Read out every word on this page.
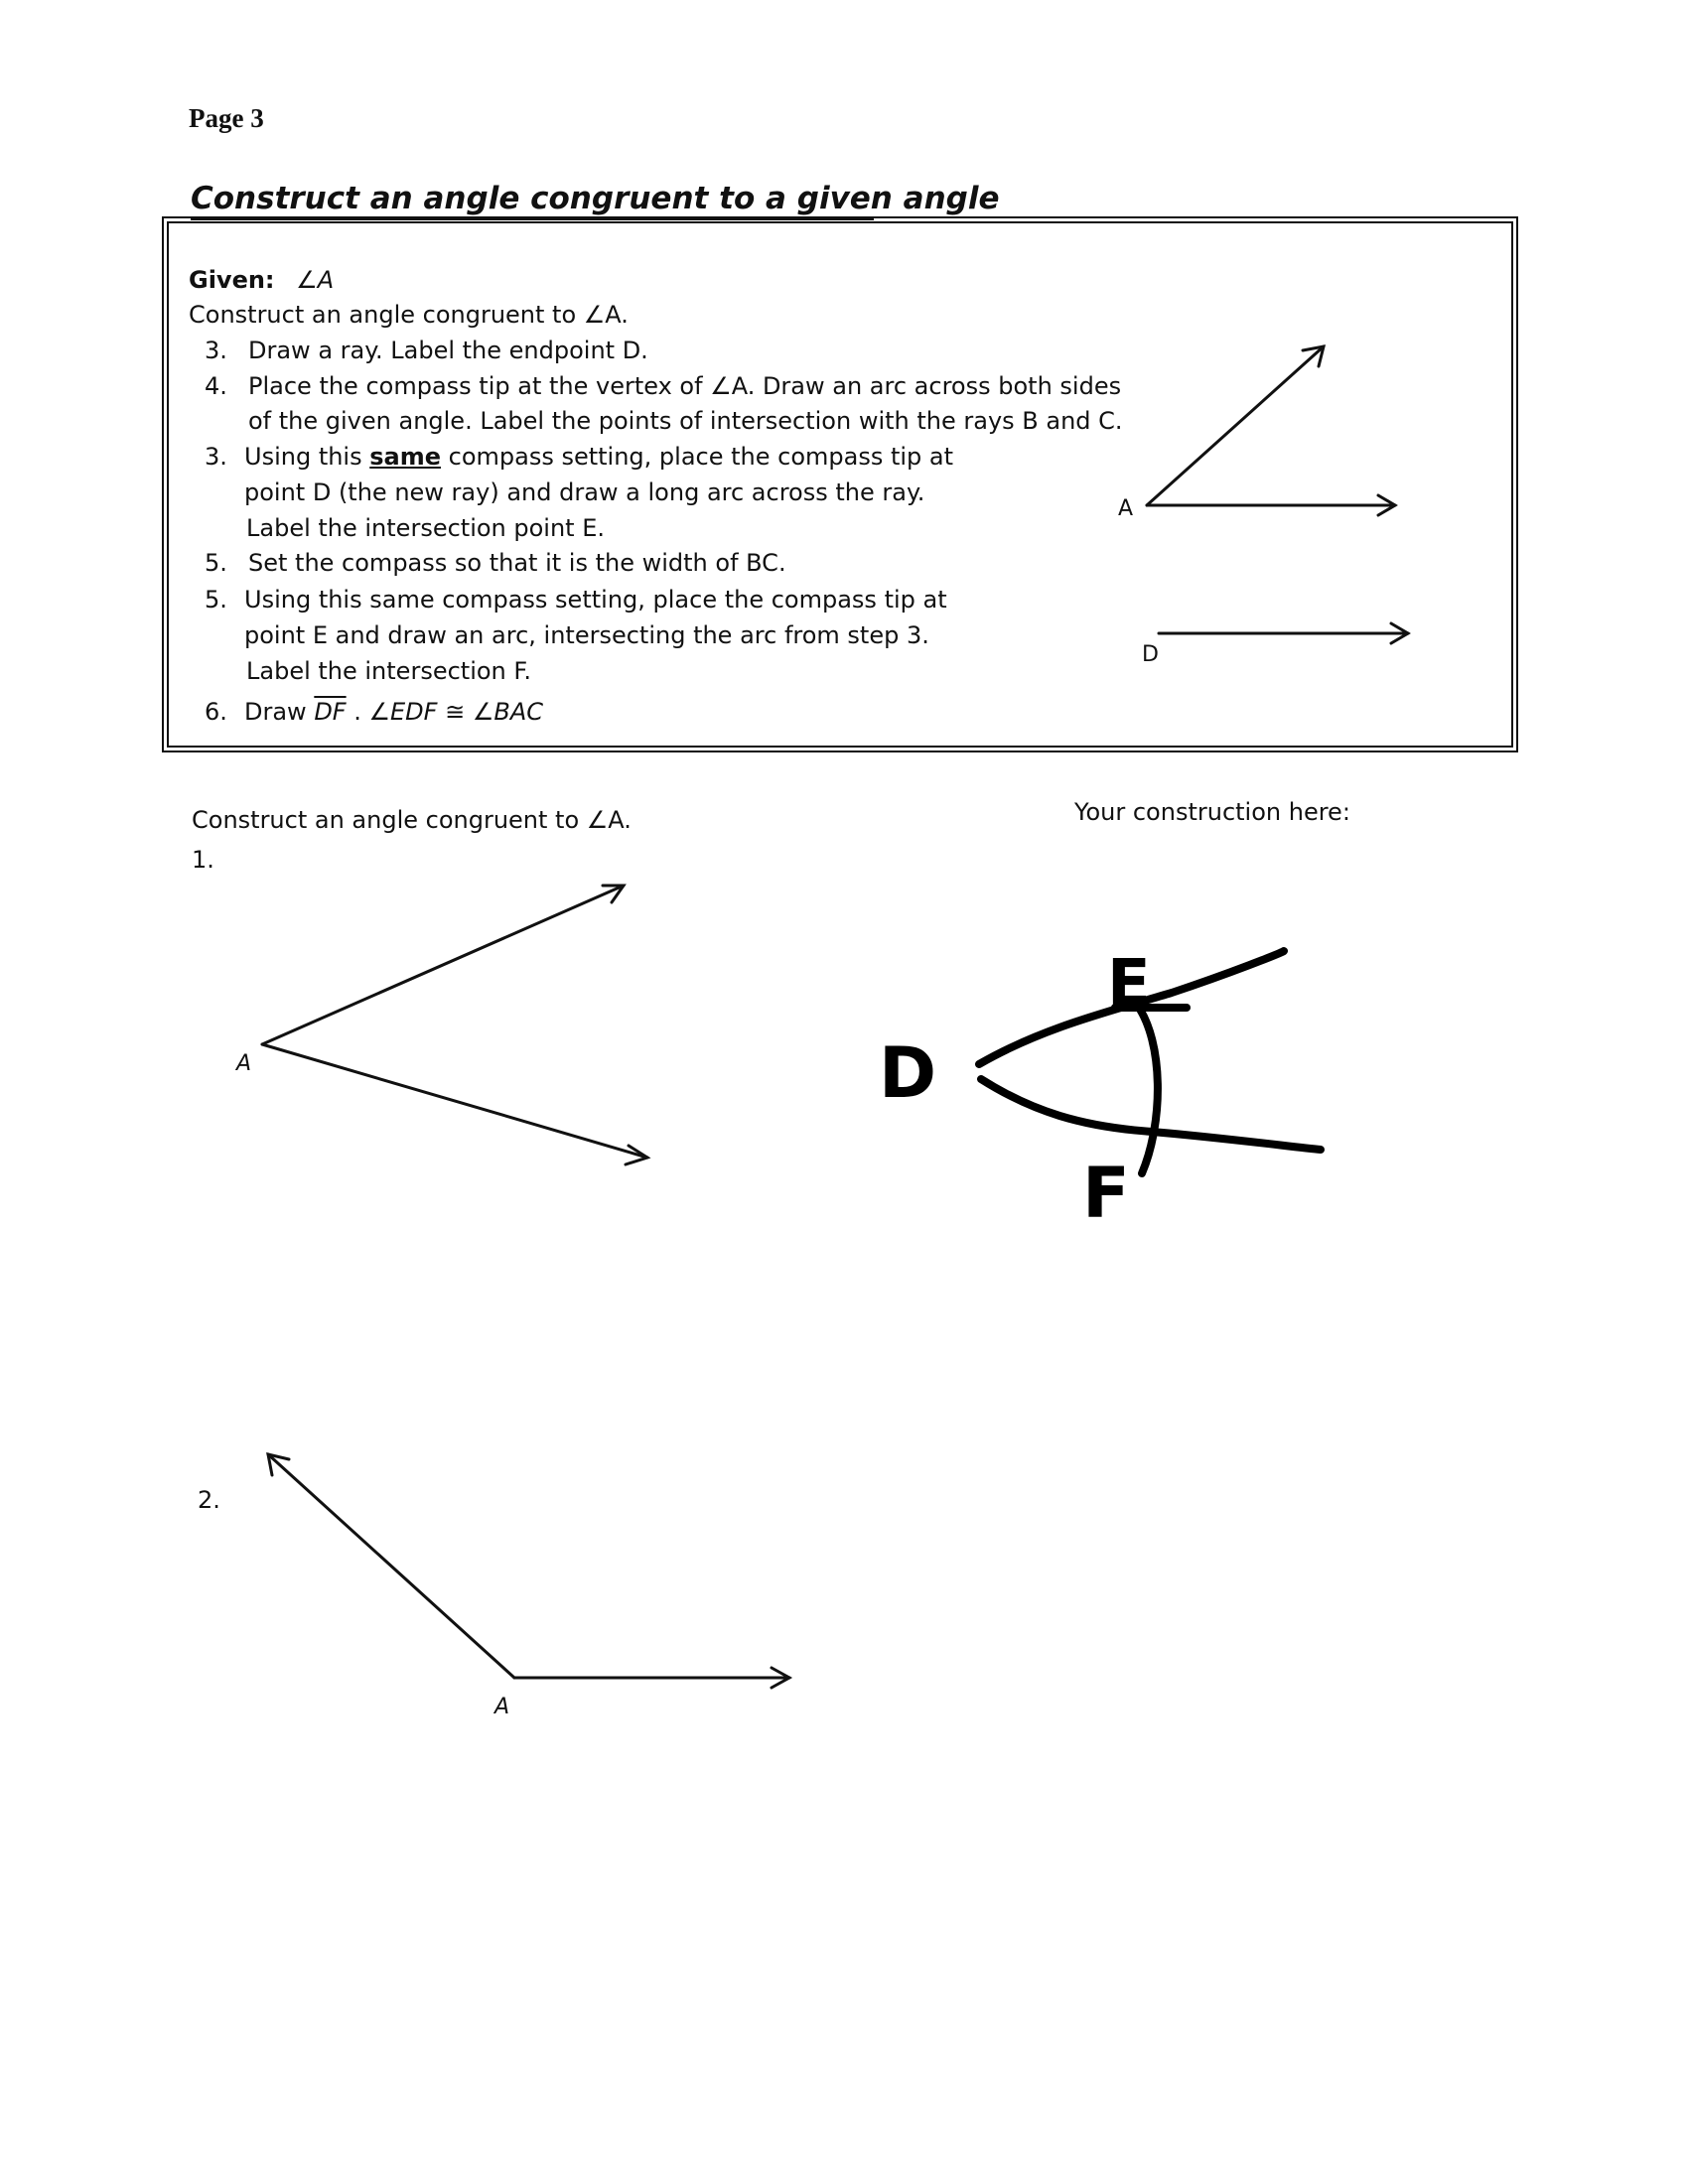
Page 3
Construct an angle congruent to a given angle
Given: ∠A
Construct an angle congruent to ∠A.
3. Draw a ray. Label the endpoint D.
4. Place the compass tip at the vertex of ∠A. Draw an arc across both sides
of the given angle. Label the points of intersection with the rays B and C.
3. Using this same compass setting, place the compass tip at
point D (the new ray) and draw a long arc across the ray.
Label the intersection point E.
5. Set the compass so that it is the width of BC.
5. Using this same compass setting, place the compass tip at
point E and draw an arc, intersecting the arc from step 3.
Label the intersection F.
6. Draw $\overline{DF}$ . ∠EDF ≅ ∠BAC
Construct an angle congruent to ∠A.	Your construction here:
1.
2.
E
D
F
A
D
A
A
